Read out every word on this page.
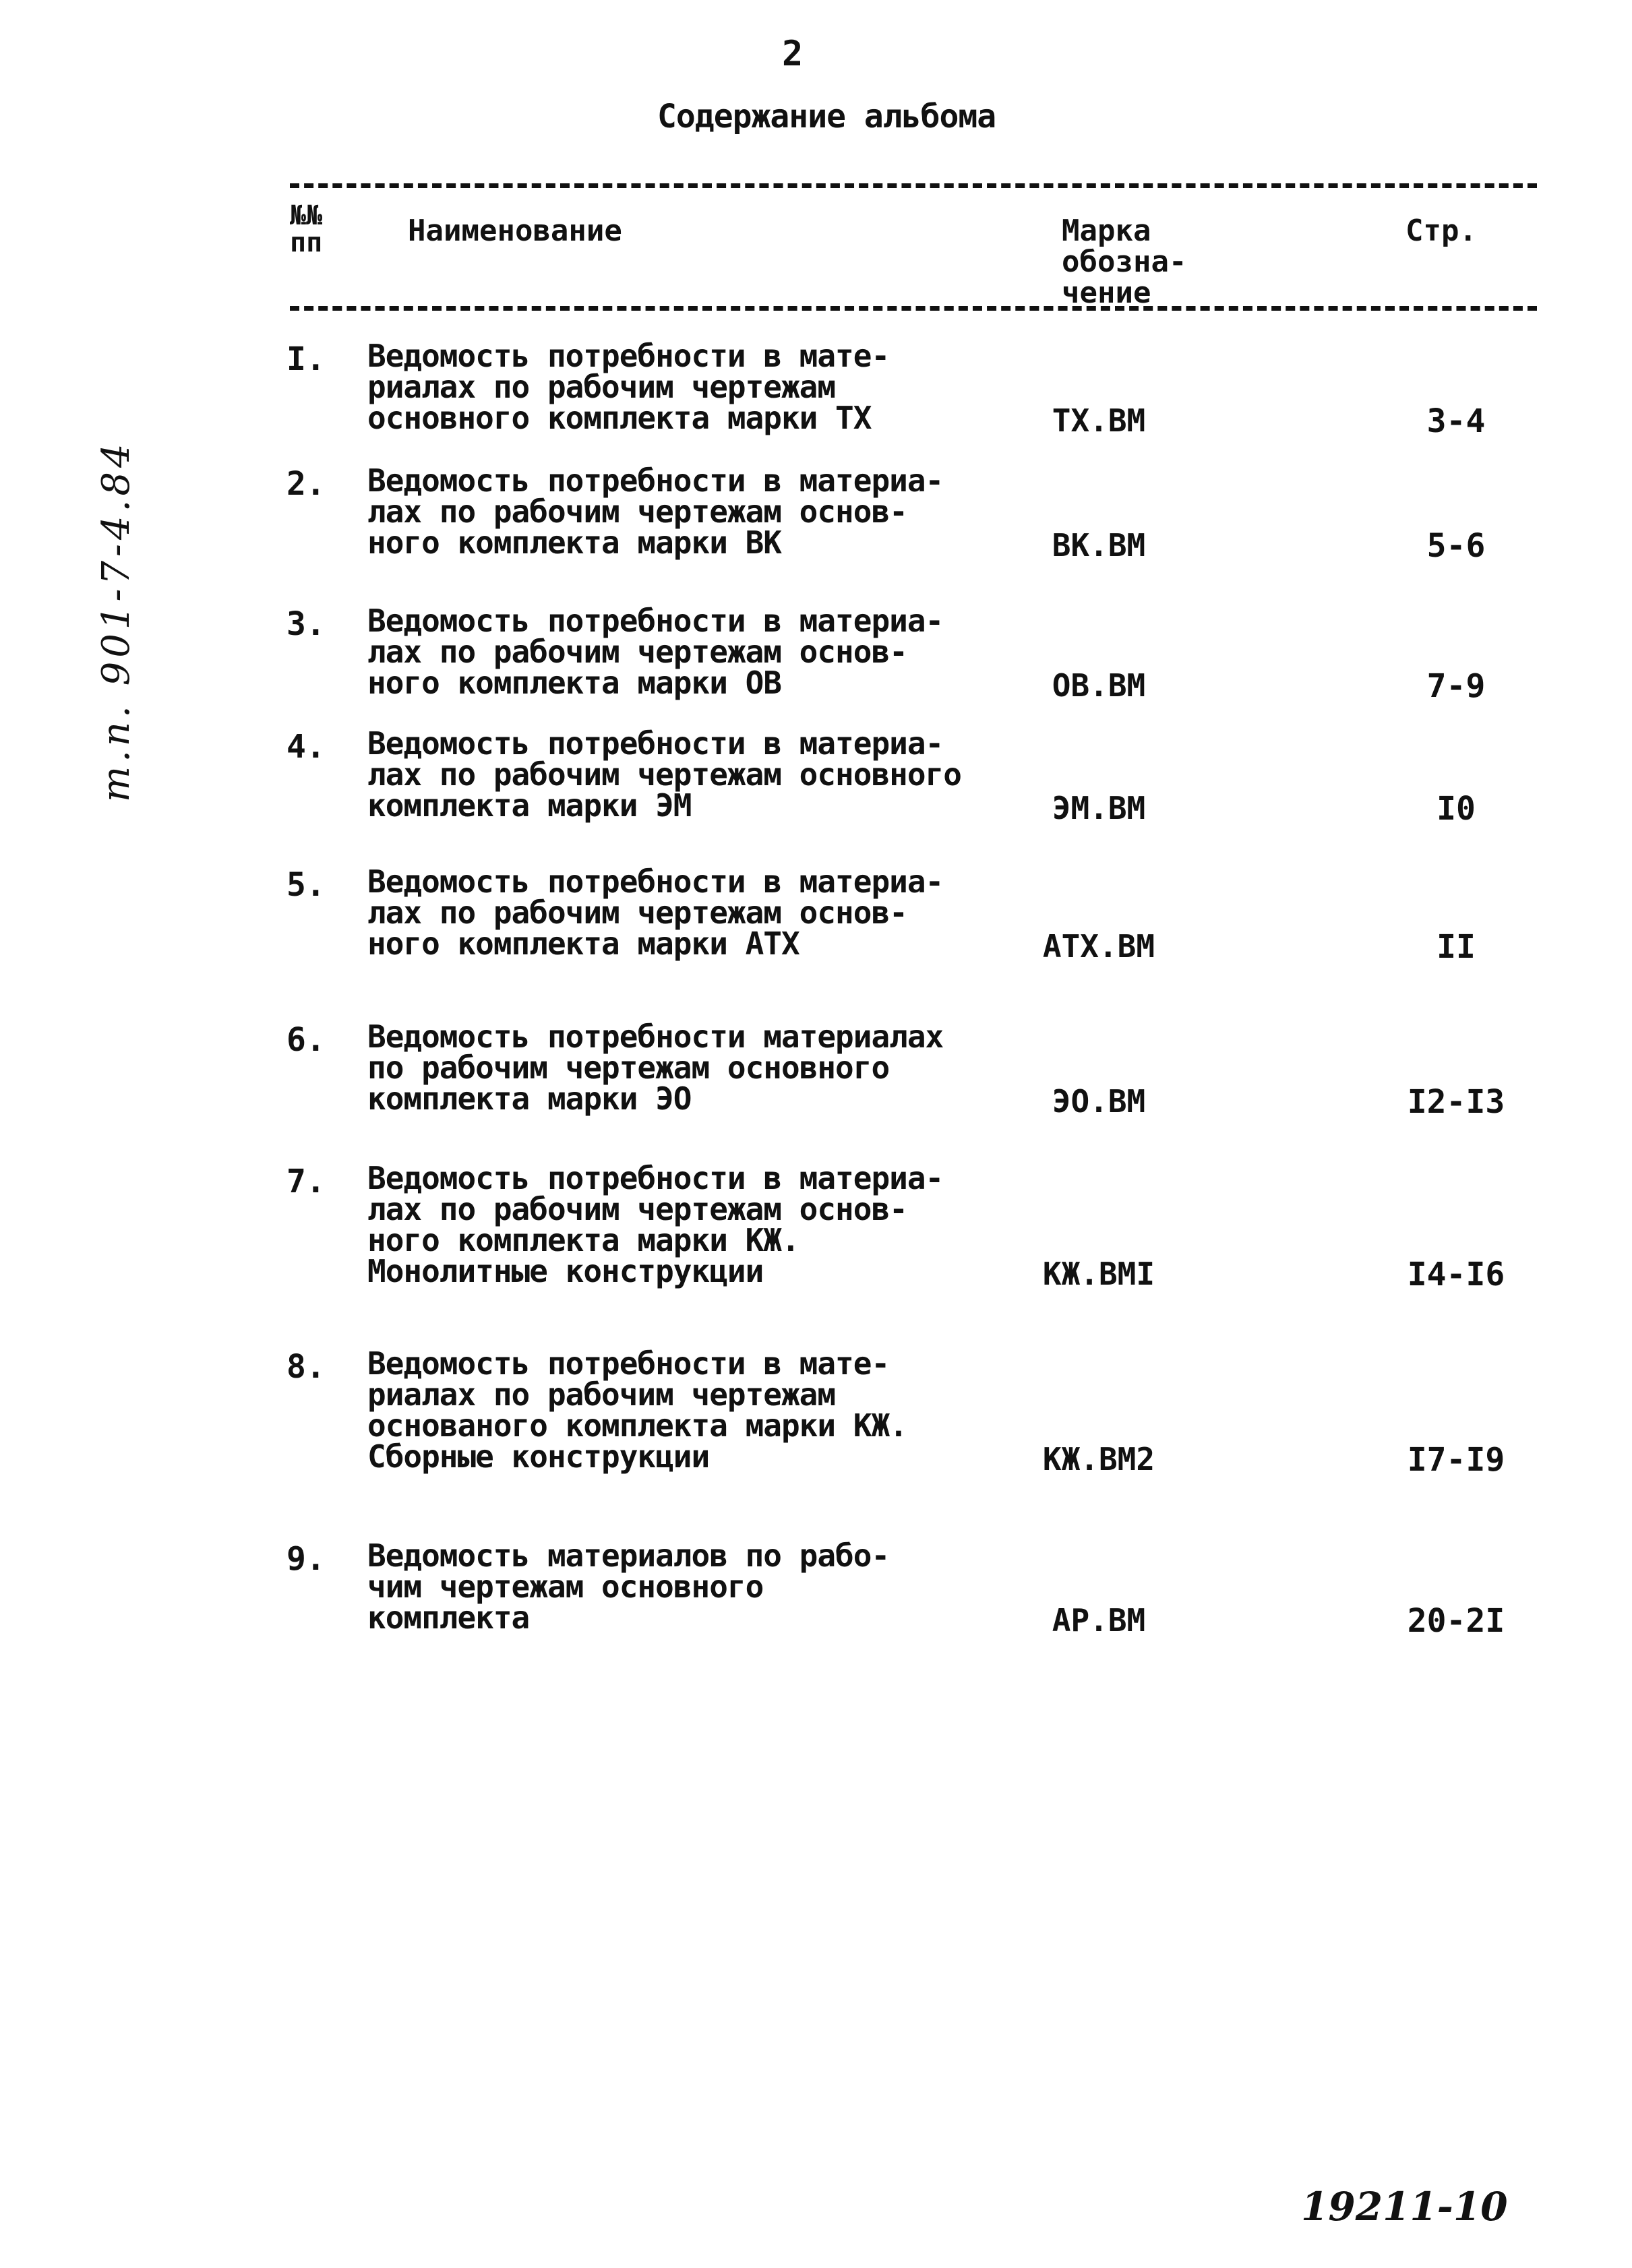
2
Содержание альбома
т.п. 901-7-4.84
№№
пп	Наименование	Марка
обозна-
чение
Стр.
I. Ведомость потребности в мате-
риалах по рабочим чертежам
основного комплекта марки ТХ	ТХ.ВМ	3-4
2. Ведомость потребности в материа-
лах по рабочим чертежам основ-
ного комплекта марки ВК	ВК.ВМ	5-6
3. Ведомость потребности в материа-
лах по рабочим чертежам основ-
ного комплекта марки ОВ	ОВ.ВМ	7-9
4. Ведомость потребности в материа-
лах по рабочим чертежам основного
комплекта марки ЭМ	ЭМ.ВМ	I0
5. Ведомость потребности в материа-
лах по рабочим чертежам основ-
ного комплекта марки АТХ	АТХ.ВМ	II
6. Ведомость потребности материалах
по рабочим чертежам основного
комплекта марки ЭО	ЭО.ВМ	I2-I3
7. Ведомость потребности в материа-
лах по рабочим чертежам основ-
ного комплекта марки КЖ.
Монолитные конструкции	КЖ.ВМI	I4-I6
8. Ведомость потребности в мате-
риалах по рабочим чертежам
основаного комплекта марки КЖ.
Сборные конструкции	КЖ.ВМ2	I7-I9
9. Ведомость материалов по рабо-
чим чертежам основного
комплекта	АР.ВМ	20-2I
19211-10
